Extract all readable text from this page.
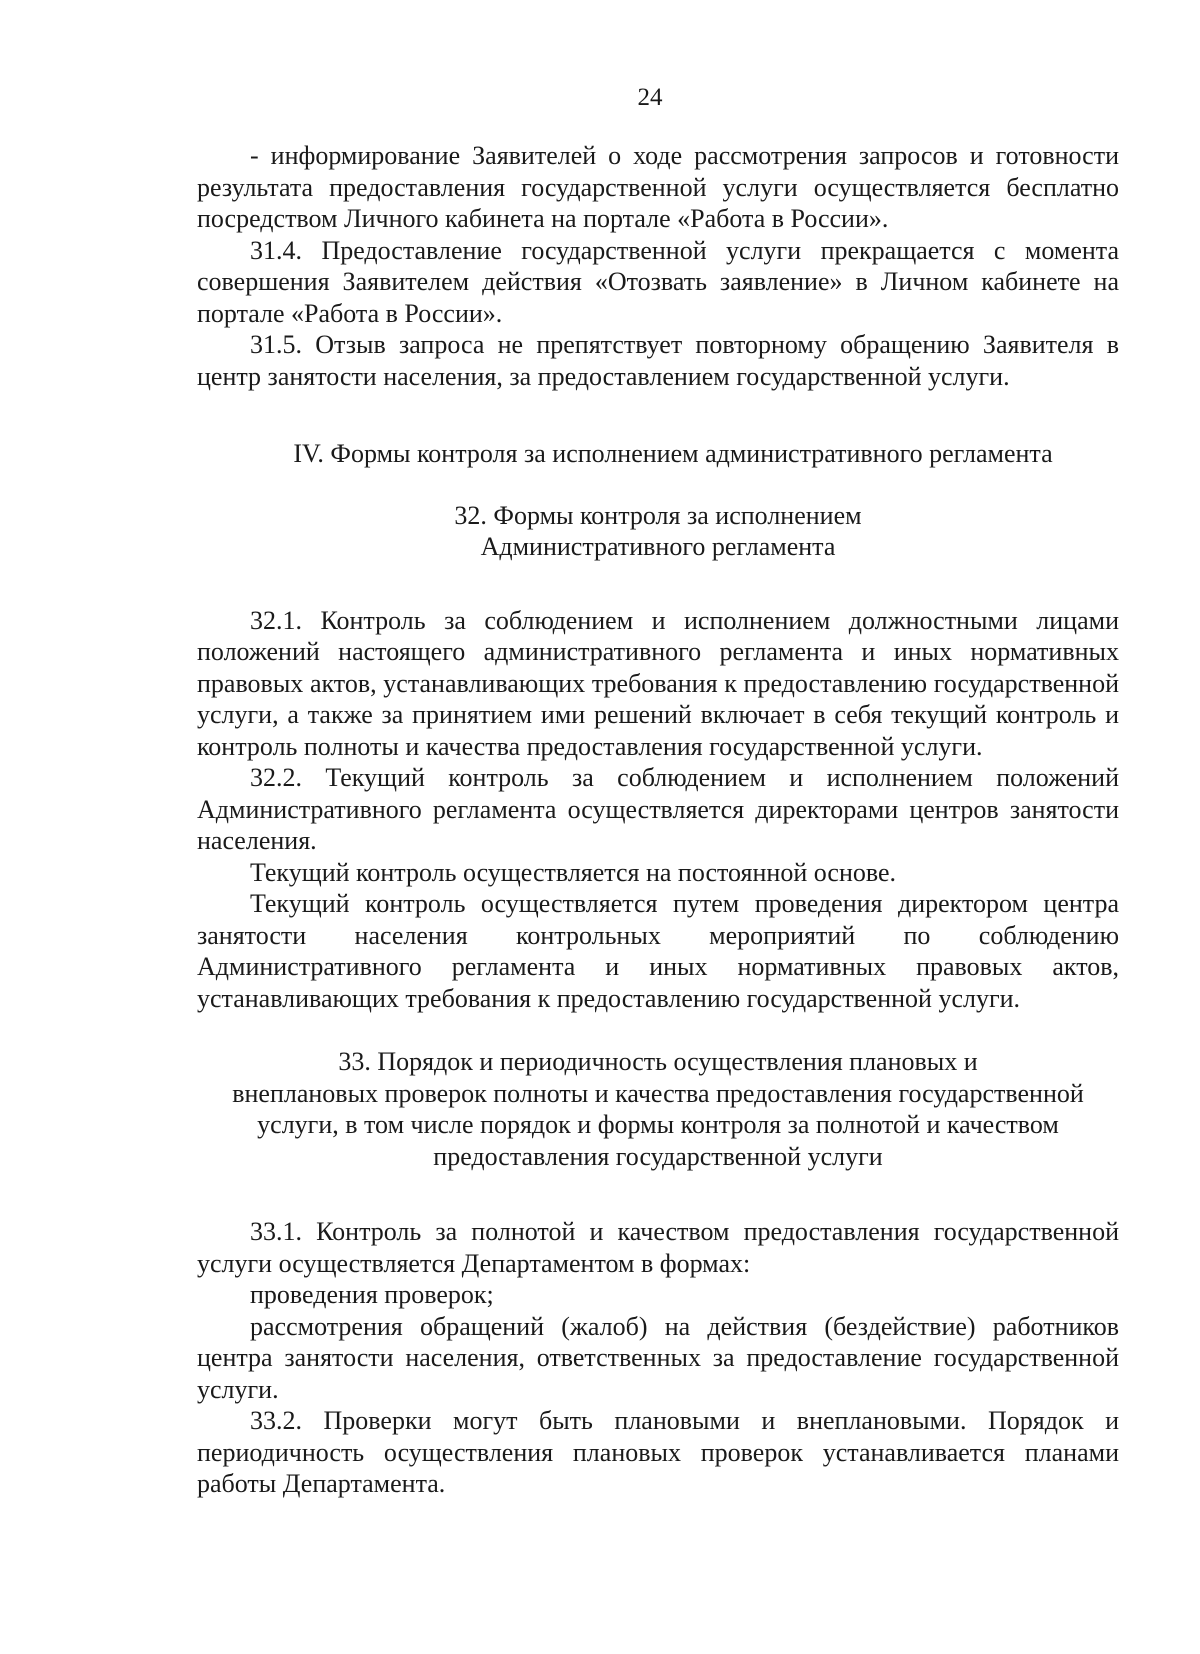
24

- информирование Заявителей о ходе рассмотрения запросов и готовности результата предоставления государственной услуги осуществляется бесплатно посредством Личного кабинета на портале «Работа в России».

31.4. Предоставление государственной услуги прекращается с момента совершения Заявителем действия «Отозвать заявление» в Личном кабинете на портале «Работа в России».

31.5. Отзыв запроса не препятствует повторному обращению Заявителя в центр занятости населения, за предоставлением государственной услуги.

IV. Формы контроля за исполнением административного регламента

32. Формы контроля за исполнением

Административного регламента

32.1. Контроль за соблюдением и исполнением должностными лицами положений настоящего административного регламента и иных нормативных правовых актов, устанавливающих требования к предоставлению государственной услуги, а также за принятием ими решений включает в себя текущий контроль и контроль полноты и качества предоставления государственной услуги.

32.2. Текущий контроль за соблюдением и исполнением положений Административного регламента осуществляется директорами центров занятости населения.

Текущий контроль осуществляется на постоянной основе.

Текущий контроль осуществляется путем проведения директором центра занятости населения контрольных мероприятий по соблюдению Административного регламента и иных нормативных правовых актов, устанавливающих требования к предоставлению государственной услуги.

33. Порядок и периодичность осуществления плановых и

внеплановых проверок полноты и качества предоставления государственной

услуги, в том числе порядок и формы контроля за полнотой и качеством

предоставления государственной услуги

33.1. Контроль за полнотой и качеством предоставления государственной услуги осуществляется Департаментом в формах:

проведения проверок;

рассмотрения обращений (жалоб) на действия (бездействие) работников центра занятости населения, ответственных за предоставление государственной услуги.

33.2. Проверки могут быть плановыми и внеплановыми. Порядок и периодичность осуществления плановых проверок устанавливается планами работы Департамента.
